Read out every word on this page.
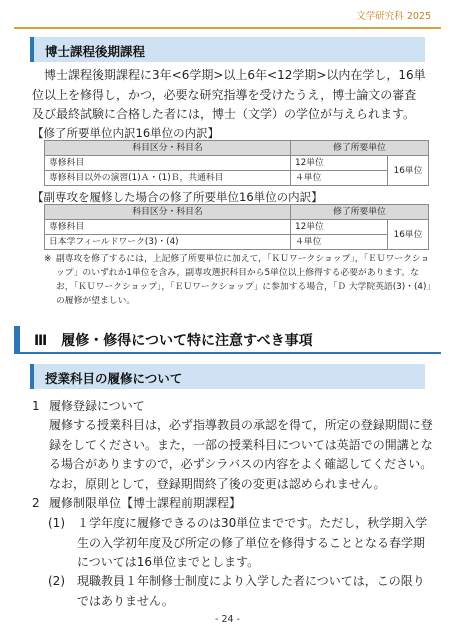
文学研究科 2025
博士課程後期課程
博士課程後期課程に3年<6学期>以上6年<12学期>以内在学し，16単位以上を修得し，かつ，必要な研究指導を受けたうえ，博士論文の審査及び最終試験に合格した者には，博士（文学）の学位が与えられます。
【修了所要単位内訳16単位の内訳】
科目区分・科目名	修了所要単位	
専修科目	12単位	16単位
専修科目以外の演習(1)Ａ・(1)Ｂ，共通科目	４単位	
【副専攻を履修した場合の修了所要単位16単位の内訳】
科目区分・科目名	修了所要単位	
専修科目	12単位	16単位
日本学フィールドワーク(3)・(4)	４単位	
※ 副専攻を修了するには，上記修了所要単位に加えて，「ＫＵワークショップ」，「ＥＵワークショップ」のいずれか1単位を含み，副専攻選択科目から5単位以上修得する必要があります。なお，「ＫＵワークショップ」，「ＥＵワークショップ」に参加する場合，「Ｄ 大学院英語(3)・(4)」の履修が望ましい。
Ⅲ　 履修・修得について特に注意すべき事項
授業科目の履修について
1 履修登録について
履修する授業科目は，必ず指導教員の承認を得て，所定の登録期間に登録をしてください。また，一部の授業科目については英語での開講となる場合がありますので，必ずシラバスの内容をよく確認してください。なお，原則として，登録期間終了後の変更は認められません。
2 履修制限単位【博士課程前期課程】
(1) １学年度に履修できるのは30単位までです。ただし，秋学期入学生の入学初年度及び所定の修了単位を修得することとなる春学期については16単位までとします。
(2) 現職教員１年制修士制度により入学した者については，この限りではありません。
- 24 -
